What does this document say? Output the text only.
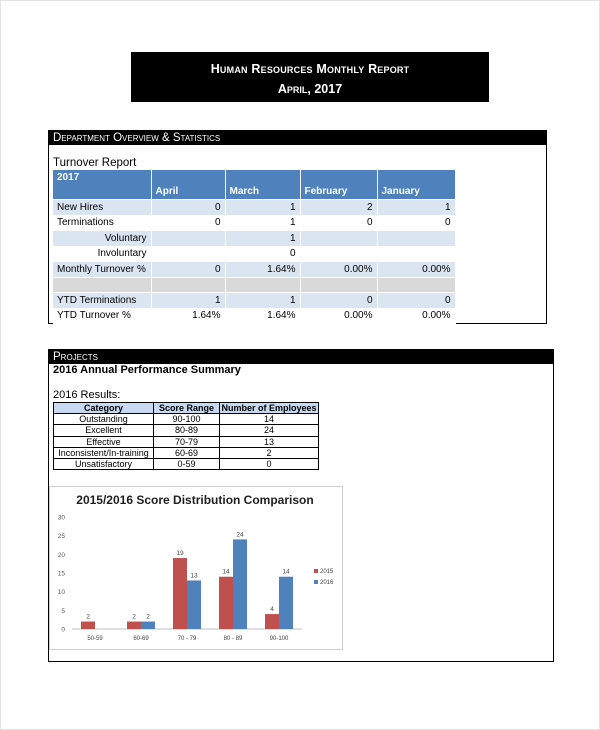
Human Resources Monthly Report
April, 2017
Department Overview & Statistics
Turnover Report
2017	April	March	February	January
New Hires	0	1	2	1
Terminations	0	1	0	0
Voluntary		1		
Involuntary		0		
Monthly Turnover %	0	1.64%	0.00%	0.00%

YTD Terminations	1	1	0	0
YTD Turnover %	1.64%	1.64%	0.00%	0.00%
Projects
2016 Annual Performance Summary
2016 Results:
Category	Score Range	Number of Employees
Outstanding	90-100	14
Excellent	80-89	24
Effective	70-79	13
Inconsistent/In-training	60-69	2
Unsatisfactory	0-59	0
2015/2016 Score Distribution Comparison
0
5
10
15
20
25
30
50-59
2
60-69
2 2
70 - 79
19
13
80 - 89
14
24
90-100
4
14	2015
2016
